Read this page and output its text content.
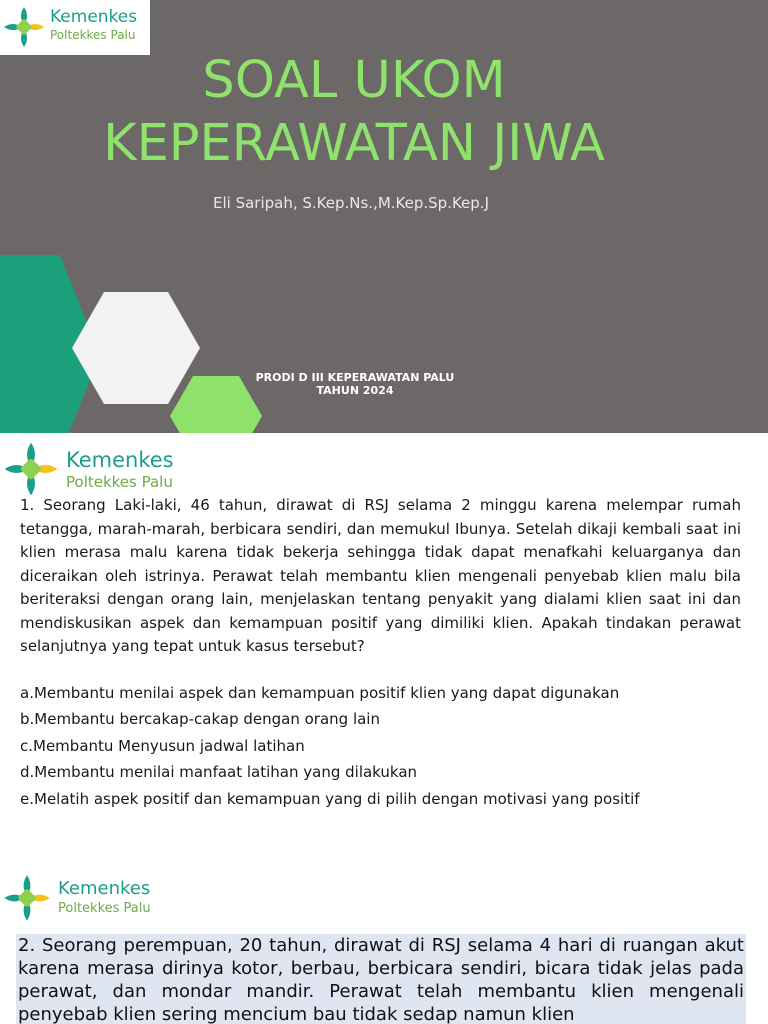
SOAL UKOM
KEPERAWATAN JIWA
Eli Saripah, S.Kep.Ns.,M.Kep.Sp.Kep.J
PRODI D III KEPERAWATAN PALU
TAHUN 2024
Kemenkes
Poltekkes Palu
Kemenkes
Poltekkes Palu

1. Seorang Laki-laki, 46 tahun, dirawat di RSJ selama 2 minggu karena melempar rumah tetangga, marah-marah, berbicara sendiri, dan memukul Ibunya. Setelah dikaji kembali saat ini klien merasa malu karena tidak bekerja sehingga tidak dapat menafkahi keluarganya dan diceraikan oleh istrinya. Perawat telah membantu klien mengenali penyebab klien malu bila beriteraksi dengan orang lain, menjelaskan tentang penyakit yang dialami klien saat ini dan mendiskusikan aspek dan kemampuan positif yang dimiliki klien. Apakah tindakan perawat selanjutnya yang tepat untuk kasus tersebut?

a.Membantu menilai aspek dan kemampuan positif klien yang dapat digunakan
b.Membantu bercakap-cakap dengan orang lain
c.Membantu Menyusun jadwal latihan
d.Membantu menilai manfaat latihan yang dilakukan
e.Melatih aspek positif dan kemampuan yang di pilih dengan motivasi yang positif
Kemenkes
Poltekkes Palu

2. Seorang perempuan, 20 tahun, dirawat di RSJ selama 4 hari di ruangan akut karena merasa dirinya kotor, berbau, berbicara sendiri, bicara tidak jelas pada perawat, dan mondar mandir. Perawat telah membantu klien mengenali penyebab klien sering mencium bau tidak sedap namun klien
